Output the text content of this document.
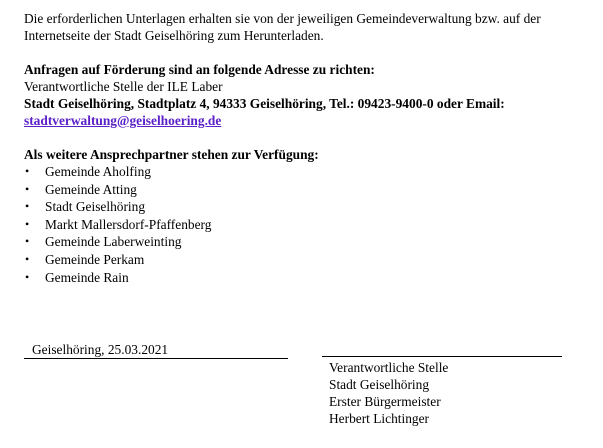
Die erforderlichen Unterlagen erhalten sie von der jeweiligen Gemeindeverwaltung bzw. auf der

Internetseite der Stadt Geiselhöring zum Herunterladen.

Anfragen auf Förderung sind an folgende Adresse zu richten:

Verantwortliche Stelle der ILE Laber

Stadt Geiselhöring, Stadtplatz 4, 94333 Geiselhöring, Tel.: 09423-9400-0 oder Email:

stadtverwaltung@geiselhoering.de

Als weitere Ansprechpartner stehen zur Verfügung:

• Gemeinde Aholfing
• Gemeinde Atting
• Stadt Geiselhöring
• Markt Mallersdorf-Pfaffenberg
• Gemeinde Laberweinting
• Gemeinde Perkam
• Gemeinde Rain
Geiselhöring, 25.03.2021

Verantwortliche Stelle

Stadt Geiselhöring

Erster Bürgermeister

Herbert Lichtinger
